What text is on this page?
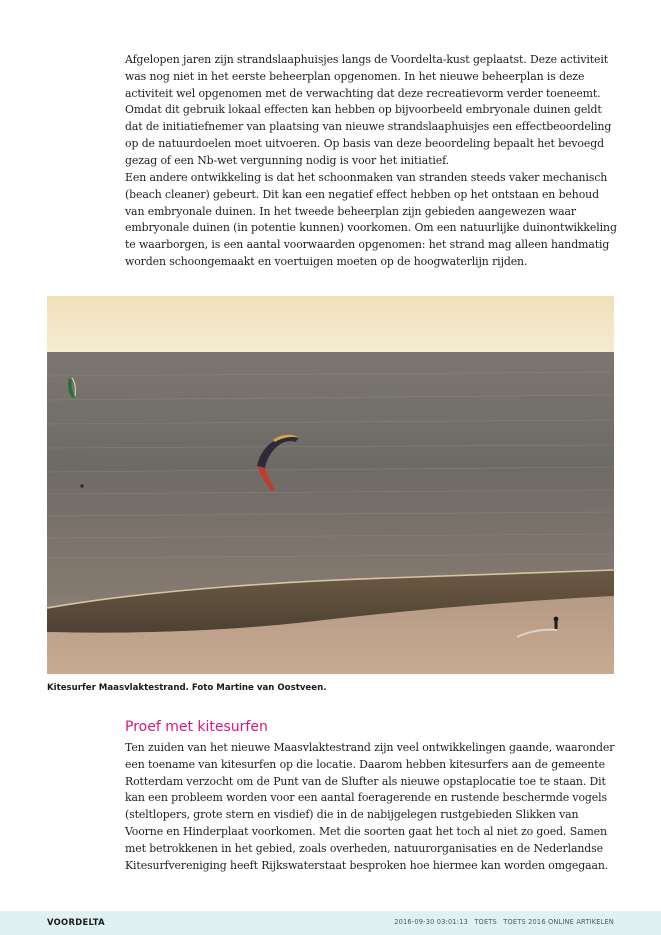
Afgelopen jaren zijn strandslaaphuisjes langs de Voordelta-kust geplaatst. Deze activiteit was nog niet in het eerste beheerplan opgenomen. In het nieuwe beheerplan is deze activiteit wel opgenomen met de verwachting dat deze recreatievorm verder toeneemt. Omdat dit gebruik lokaal effecten kan hebben op bijvoorbeeld embryonale duinen geldt dat de initiatiefnemer van plaatsing van nieuwe strandslaaphuisjes een effectbeoordeling op de natuurdoelen moet uitvoeren. Op basis van deze beoordeling bepaalt het bevoegd gezag of een Nb-wet vergunning nodig is voor het initiatief.

Een andere ontwikkeling is dat het schoonmaken van stranden steeds vaker mechanisch (beach cleaner) gebeurt. Dit kan een negatief effect hebben op het ontstaan en behoud van embryonale duinen. In het tweede beheerplan zijn gebieden aangewezen waar embryonale duinen (in potentie kunnen) voorkomen. Om een natuurlijke duinontwikkeling te waarborgen, is een aantal voorwaarden opgenomen: het strand mag alleen handmatig worden schoongemaakt en voertuigen moeten op de hoogwaterlijn rijden.

Kitesurfer Maasvlaktestrand. Foto Martine van Oostveen.

Proef met kitesurfen

Ten zuiden van het nieuwe Maasvlaktestrand zijn veel ontwikkelingen gaande, waaronder een toename van kitesurfen op die locatie. Daarom hebben kitesurfers aan de gemeente Rotterdam verzocht om de Punt van de Slufter als nieuwe opstaplocatie toe te staan. Dit kan een probleem worden voor een aantal foeragerende en rustende beschermde vogels (steltlopers, grote stern en visdief) die in de nabijgelegen rustgebieden Slikken van Voorne en Hinderplaat voorkomen. Met die soorten gaat het toch al niet zo goed. Samen met betrokkenen in het gebied, zoals overheden, natuurorganisaties en de Nederlandse Kitesurfvereniging heeft Rijkswaterstaat besproken hoe hiermee kan worden omgegaan.

VOORDELTA	2016-09-30 03:01:13 TOETS TOETS 2016 ONLINE ARTIKELEN
